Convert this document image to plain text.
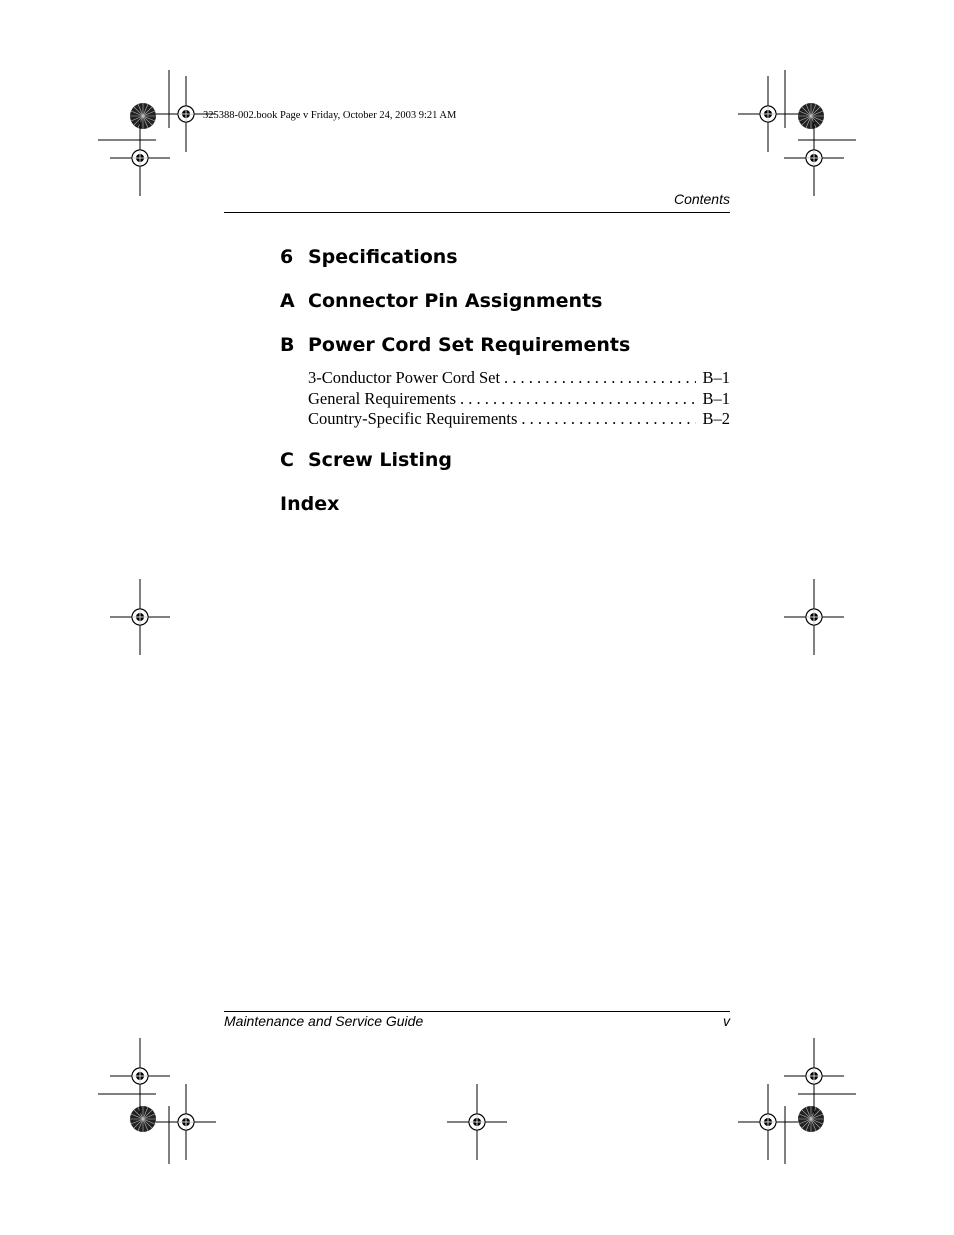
325388-002.book Page v Friday, October 24, 2003 9:21 AM
Contents
6 Specifications
A Connector Pin Assignments
B Power Cord Set Requirements
3-Conductor Power Cord Set . . .	B–1
General Requirements . . .	B–1
Country-Specific Requirements . . .	B–2
C Screw Listing
Index
Maintenance and Service Guide	v
